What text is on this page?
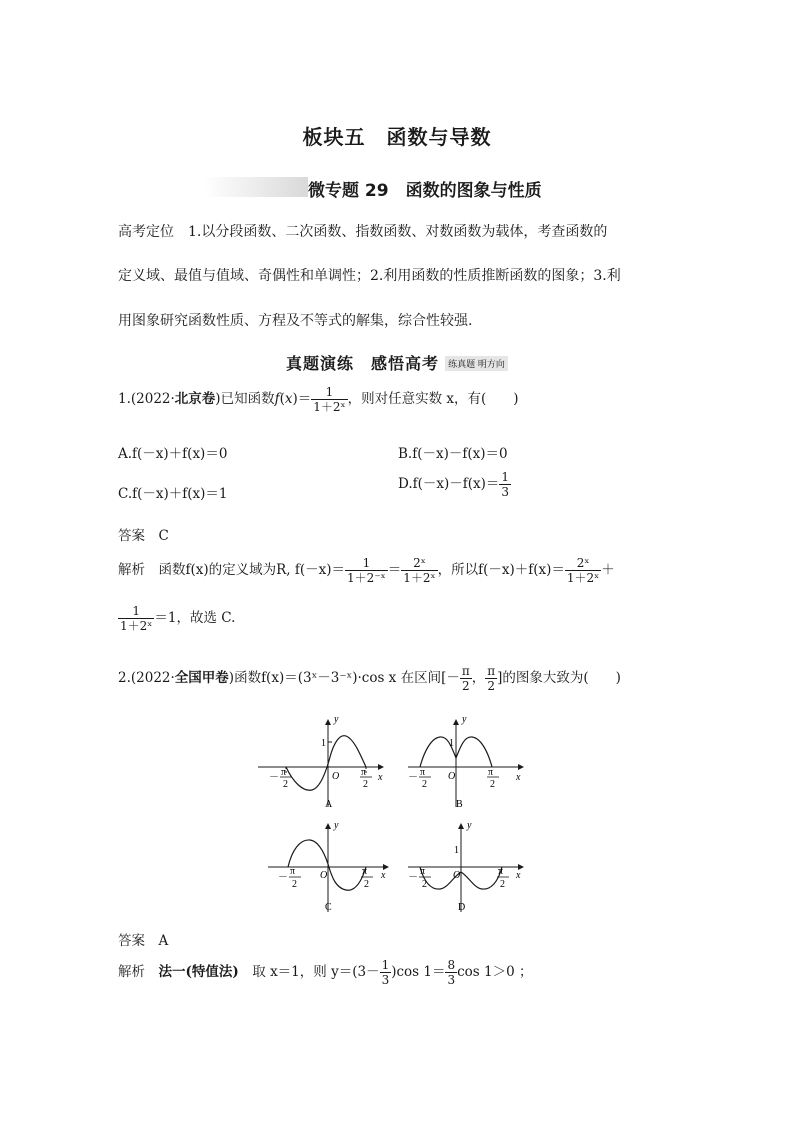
板块五　函数与导数
微专题 29　函数的图象与性质
高考定位　1.以分段函数、二次函数、指数函数、对数函数为载体，考查函数的
定义域、最值与值域、奇偶性和单调性；2.利用函数的性质推断函数的图象；3.利
用图象研究函数性质、方程及不等式的解集，综合性较强.
真题演练　感悟高考 练真题 明方向
1.(2022·北京卷)已知函数$f(x)= \frac{1}{\text{1＋2ˣ}}$ ，则对任意实数 x，有(　　)
A.f(－x)＋f(x)＝0	B.f(－x)－f(x)＝0
C.f(－x)＋f(x)＝1
$D.f(-x)-f(x)= \frac{1}{3}$
答案　 C
解析　 函数f(x)的定义域为R, $f(-x)= \frac{1}{\text{1＋2⁻ˣ}} = \frac{\text{2ˣ}}{\text{1＋2ˣ}}$ ，所以$f(-x)+f(x)= \frac{\text{2ˣ}}{\text{1＋2ˣ}}$ ＋
$\frac{1}{\text{1＋2ˣ}} =1$，故选 C.
2.(2022·全国甲卷)函数f(x)＝(3ˣ－3⁻ˣ)·cos x 在区间[－ $\frac{\pi}{2}$ ， $\frac{\pi}{2}$ ]的图象大致为(　　)
1
y
x
O
－ π
2
π
2
A
1
y
x
O
－ π
2
π
2
B
y
x
O
－
π
2
π
2
C
1
y
x
O
－
π
2
π
2
D
答案　 A
解析　 法一(特值法)　 取 x＝1，则 $y=(3- \frac{1}{3} )\cos$ $1= \frac{8}{3}$ cos 1＞0 ；
